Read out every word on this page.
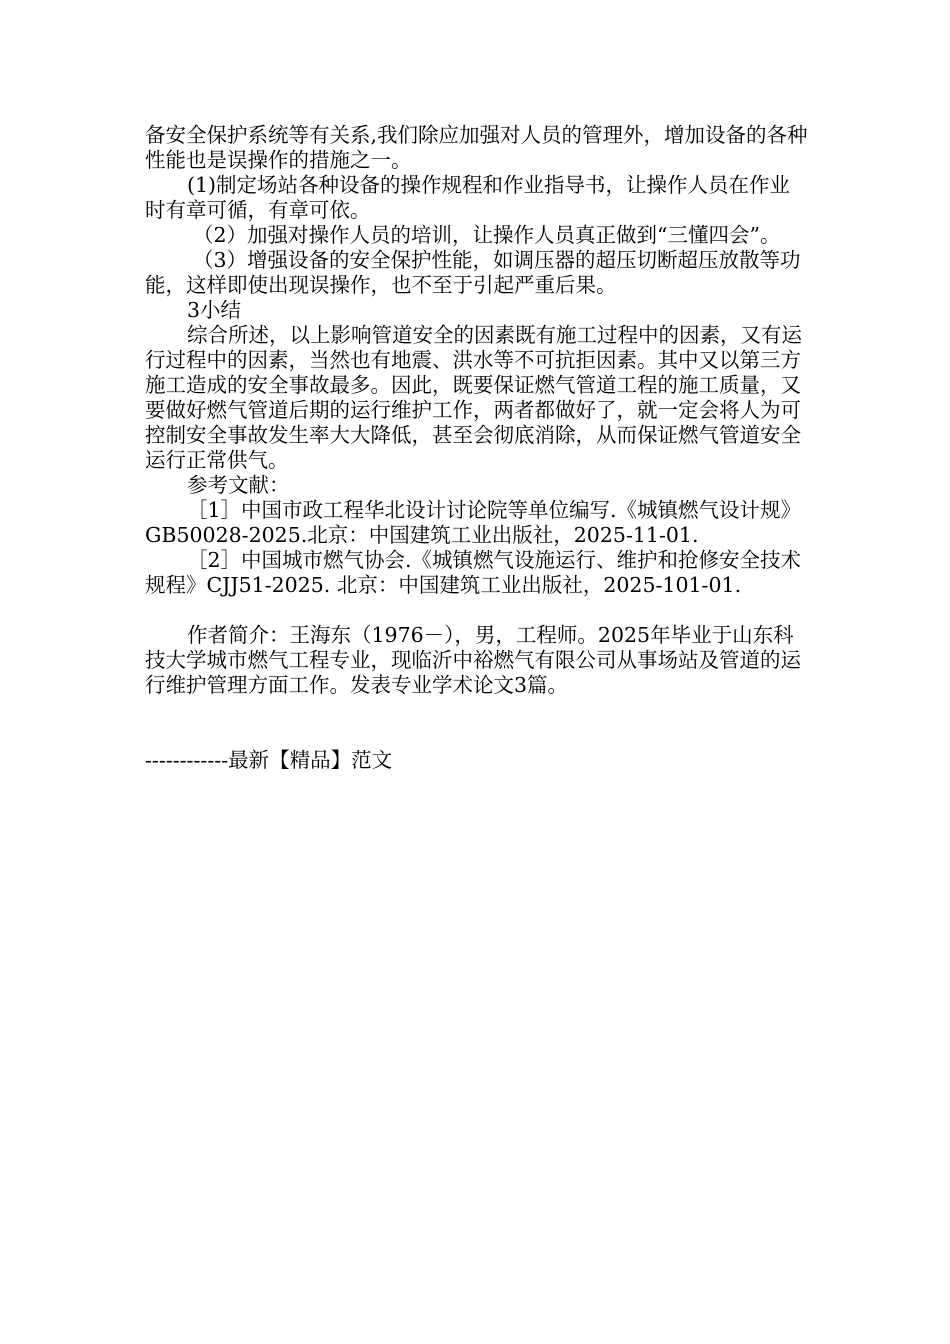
备安全保护系统等有关系,我们除应加强对人员的管理外，增加设备的各种性能也是误操作的措施之一。

(1)制定场站各种设备的操作规程和作业指导书，让操作人员在作业时有章可循，有章可依。

（2）加强对操作人员的培训，让操作人员真正做到“三懂四会”。

（3）增强设备的安全保护性能，如调压器的超压切断超压放散等功能，这样即使出现误操作，也不至于引起严重后果。

3小结

综合所述，以上影响管道安全的因素既有施工过程中的因素，又有运行过程中的因素，当然也有地震、洪水等不可抗拒因素。其中又以第三方施工造成的安全事故最多。因此，既要保证燃气管道工程的施工质量，又要做好燃气管道后期的运行维护工作，两者都做好了，就一定会将人为可控制安全事故发生率大大降低，甚至会彻底消除，从而保证燃气管道安全运行正常供气。

参考文献：

［1］中国市政工程华北设计讨论院等单位编写.《城镇燃气设计规》GB50028-2025.北京：中国建筑工业出版社，2025-11-01.

［2］中国城市燃气协会.《城镇燃气设施运行、维护和抢修安全技术规程》CJJ51-2025. 北京：中国建筑工业出版社，2025-101-01.

作者简介：王海东（1976－），男，工程师。2025年毕业于山东科技大学城市燃气工程专业，现临沂中裕燃气有限公司从事场站及管道的运行维护管理方面工作。发表专业学术论文3篇。

------------最新【精品】范文
